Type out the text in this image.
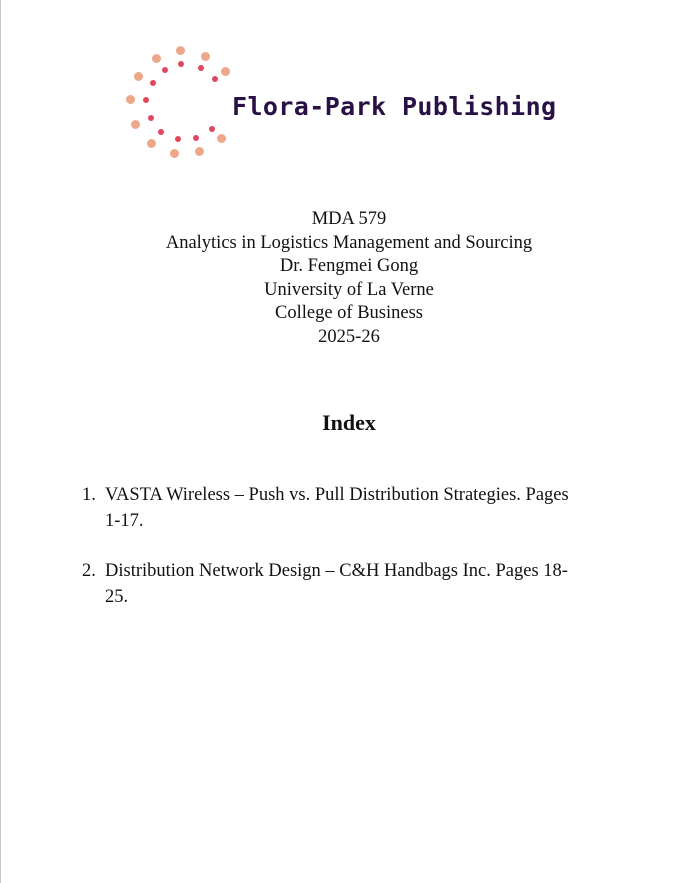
Flora-Park Publishing
MDA 579
Analytics in Logistics Management and Sourcing
Dr. Fengmei Gong
University of La Verne
College of Business
2025-26
Index
1. VASTA Wireless – Push vs. Pull Distribution Strategies. Pages 1-17.
2. Distribution Network Design – C&H Handbags Inc. Pages 18-25.
